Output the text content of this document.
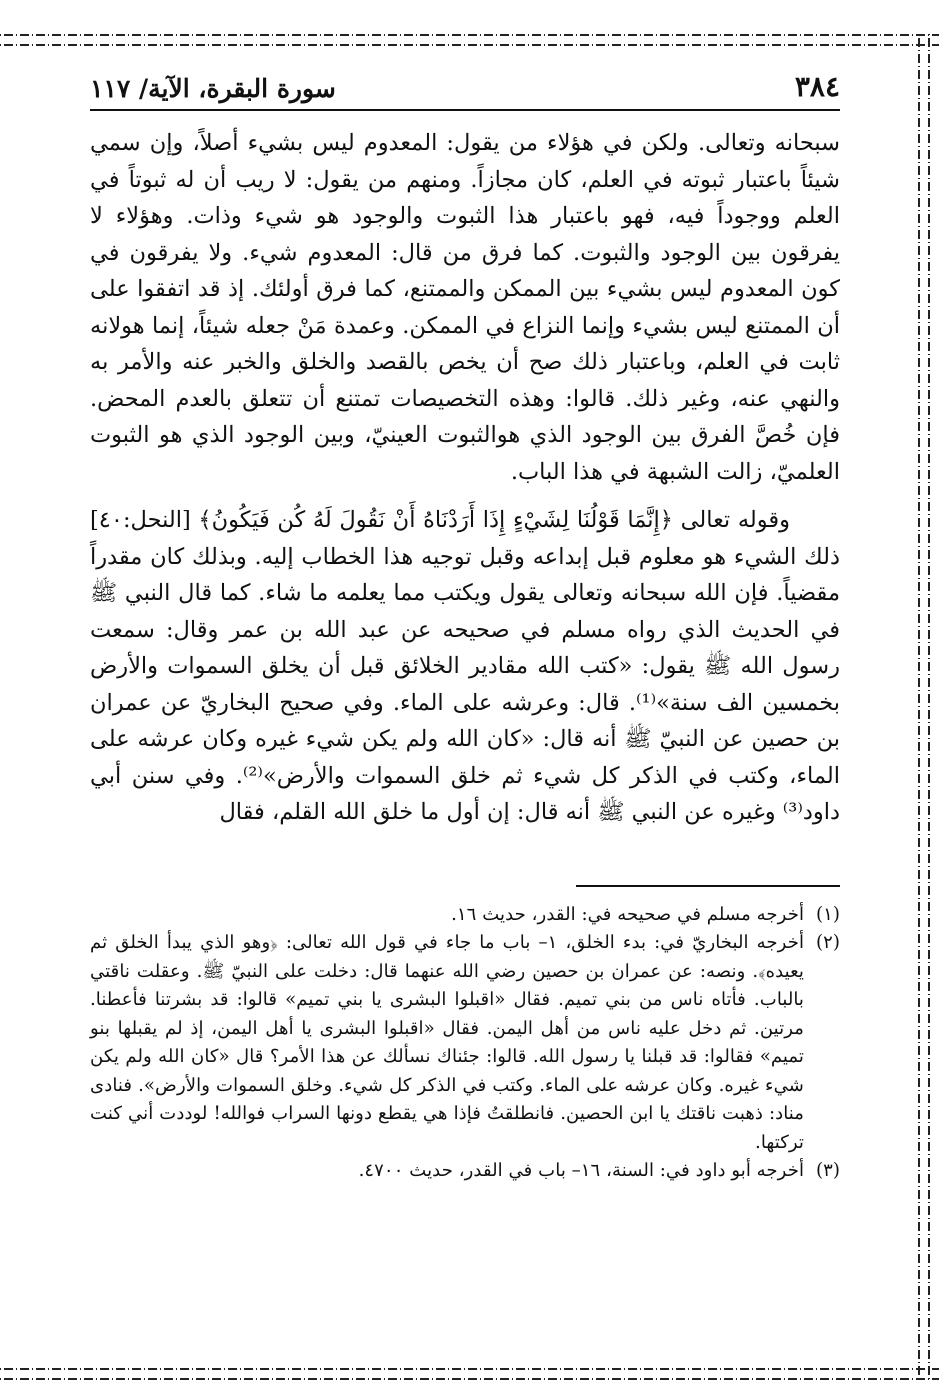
٣٨٤
سورة البقرة، الآية/ ١١٧

سبحانه وتعالى. ولكن في هؤلاء من يقول: المعدوم ليس بشيء أصلاً، وإن سمي شيئاً باعتبار ثبوته في العلم، كان مجازاً. ومنهم من يقول: لا ريب أن له ثبوتاً في العلم ووجوداً فيه، فهو باعتبار هذا الثبوت والوجود هو شيء وذات. وهؤلاء لا يفرقون بين الوجود والثبوت. كما فرق من قال: المعدوم شيء. ولا يفرقون في كون المعدوم ليس بشيء بين الممكن والممتنع، كما فرق أولئك. إذ قد اتفقوا على أن الممتنع ليس بشيء وإنما النزاع في الممكن. وعمدة مَنْ جعله شيئاً، إنما هولانه ثابت في العلم، وباعتبار ذلك صح أن يخص بالقصد والخلق والخبر عنه والأمر به والنهي عنه، وغير ذلك. قالوا: وهذه التخصيصات تمتنع أن تتعلق بالعدم المحض. فإن خُصَّ الفرق بين الوجود الذي هوالثبوت العينيّ، وبين الوجود الذي هو الثبوت العلميّ، زالت الشبهة في هذا الباب.

وقوله تعالى ﴿إِنَّمَا قَوْلُنَا لِشَيْءٍ إِذَا أَرَدْنَاهُ أَنْ نَقُولَ لَهُ كُن فَيَكُونُ﴾ [النحل:٤٠] ذلك الشيء هو معلوم قبل إبداعه وقبل توجيه هذا الخطاب إليه. وبذلك كان مقدراً مقضياً. فإن الله سبحانه وتعالى يقول ويكتب مما يعلمه ما شاء. كما قال النبي ﷺ في الحديث الذي رواه مسلم في صحيحه عن عبد الله بن عمر وقال: سمعت رسول الله ﷺ يقول: «كتب الله مقادير الخلائق قبل أن يخلق السموات والأرض بخمسين الف سنة»⁽¹⁾. قال: وعرشه على الماء. وفي صحيح البخاريّ عن عمران بن حصين عن النبيّ ﷺ أنه قال: «كان الله ولم يكن شيء غيره وكان عرشه على الماء، وكتب في الذكر كل شيء ثم خلق السموات والأرض»⁽²⁾. وفي سنن أبي داود⁽³⁾ وغيره عن النبي ﷺ أنه قال: إن أول ما خلق الله القلم، فقال

(١)
أخرجه مسلم في صحيحه في: القدر، حديث ١٦.
(٢)
أخرجه البخاريّ في: بدء الخلق، ١– باب ما جاء في قول الله تعالى: ﴿وهو الذي يبدأ الخلق ثم يعيده﴾. ونصه: عن عمران بن حصين رضي الله عنهما قال: دخلت على النبيّ ﷺ. وعقلت ناقتي بالباب. فأتاه ناس من بني تميم. فقال «اقبلوا البشرى يا بني تميم» قالوا: قد بشرتنا فأعطنا. مرتين. ثم دخل عليه ناس من أهل اليمن. فقال «اقبلوا البشرى يا أهل اليمن، إذ لم يقبلها بنو تميم» فقالوا: قد قبلنا يا رسول الله. قالوا: جئناك نسألك عن هذا الأمر؟ قال «كان الله ولم يكن شيء غيره. وكان عرشه على الماء. وكتب في الذكر كل شيء. وخلق السموات والأرض». فنادى مناد: ذهبت ناقتك يا ابن الحصين. فانطلقتُ فإذا هي يقطع دونها السراب فوالله! لوددت أني كنت تركتها.
(٣)
أخرجه أبو داود في: السنة، ١٦– باب في القدر، حديث ٤٧٠٠.
